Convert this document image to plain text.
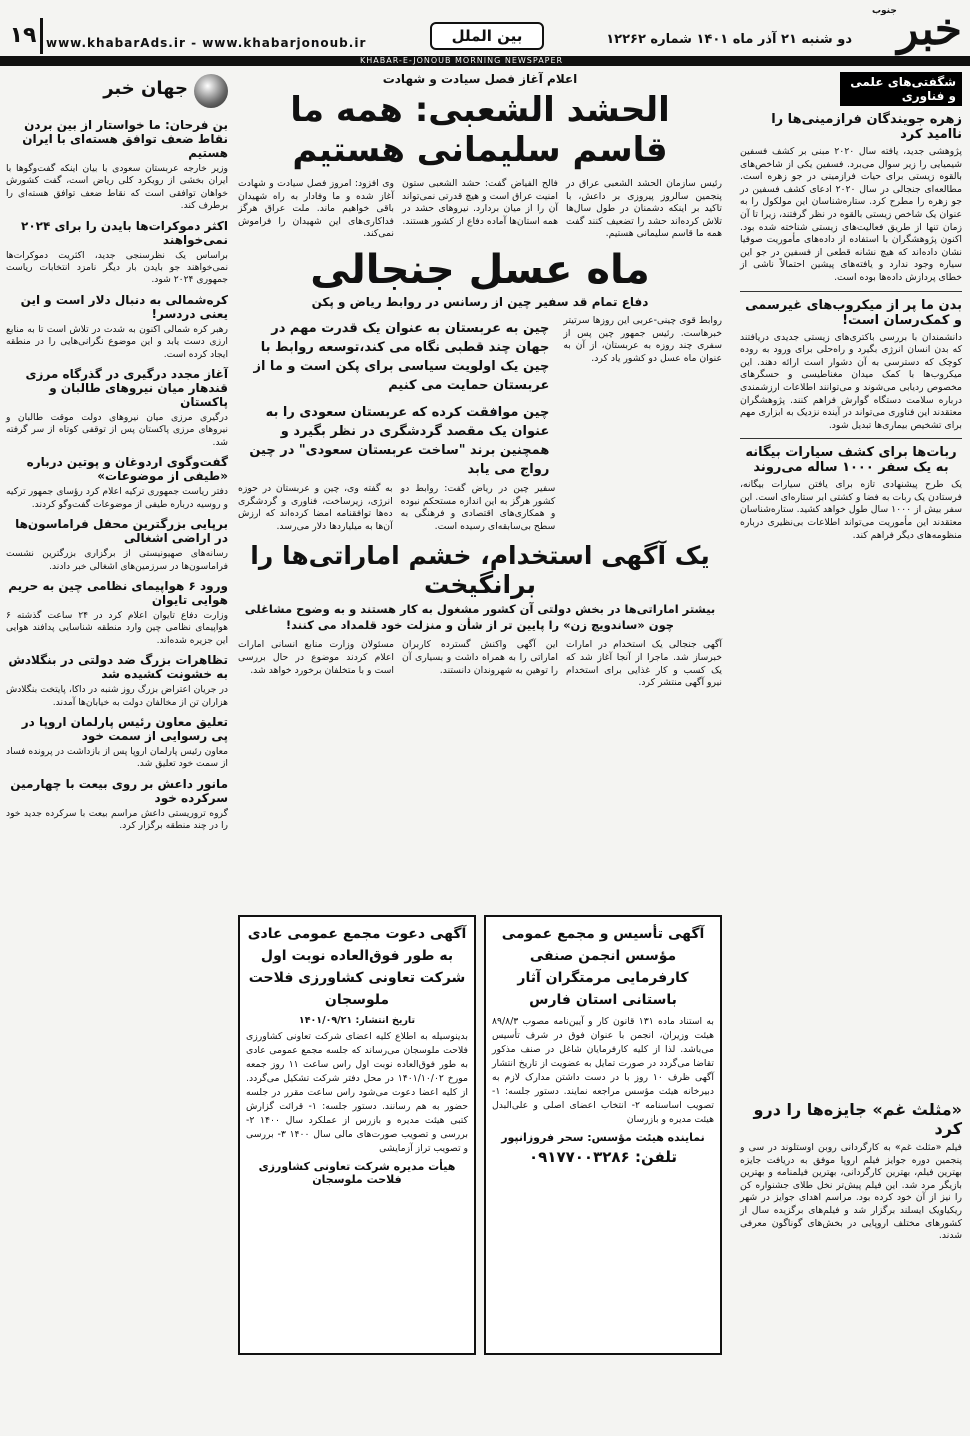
خبر
جنوب
دو شنبه ۲۱ آذر ماه ۱۴۰۱ شماره ۱۲۲۶۲
بین الملل
www.khabarAds.ir - www.khabarjonoub.ir
۱۹
KHABAR-E-JONOUB MORNING NEWSPAPER
شگفتی‌های علمی و فناوری
زهره جویندگان فرازمینی‌ها را ناامید کرد
پژوهشی جدید، یافته سال ۲۰۲۰ مبنی بر کشف فسفین شیمیایی را زیر سوال می‌برد. فسفین یکی از شاخص‌های بالقوه زیستی برای حیات فرازمینی در جو زهره است. مطالعه‌ای جنجالی در سال ۲۰۲۰ ادعای کشف فسفین در جو زهره را مطرح کرد. ستاره‌شناسان این مولکول را به عنوان یک شاخص زیستی بالقوه در نظر گرفتند، زیرا تا آن زمان تنها از طریق فعالیت‌های زیستی شناخته شده بود. اکنون پژوهشگران با استفاده از داده‌های مأموریت صوفیا نشان داده‌اند که هیچ نشانه قطعی از فسفین در جو این سیاره وجود ندارد و یافته‌های پیشین احتمالاً ناشی از خطای پردازش داده‌ها بوده است.
بدن ما پر از میکروب‌های غیرسمی و کمک‌رسان است!
دانشمندان با بررسی باکتری‌های زیستی جدیدی دریافتند که بدن انسان انرژی بگیرد و راه‌حلی برای ورود به روده کوچک که دسترسی به آن دشوار است ارائه دهند. این میکروب‌ها با کمک میدان مغناطیسی و حسگرهای مخصوص ردیابی می‌شوند و می‌توانند اطلاعات ارزشمندی درباره سلامت دستگاه گوارش فراهم کنند. پژوهشگران معتقدند این فناوری می‌تواند در آینده نزدیک به ابزاری مهم برای تشخیص بیماری‌ها تبدیل شود.
ربات‌ها برای کشف سیارات بیگانه به یک سفر ۱۰۰۰ ساله می‌روند
یک طرح پیشنهادی تازه برای یافتن سیارات بیگانه، فرستادن یک ربات به فضا و کشتی ابر ستاره‌ای است. این سفر بیش از ۱۰۰۰ سال طول خواهد کشید. ستاره‌شناسان معتقدند این مأموریت می‌تواند اطلاعات بی‌نظیری درباره منظومه‌های دیگر فراهم کند.
جهان خبر
بن فرحان: ما خواستار از بین بردن نقاط ضعف توافق هسته‌ای با ایران هستیم
وزیر خارجه عربستان سعودی با بیان اینکه گفت‌وگوها با ایران بخشی از رویکرد کلی ریاض است، گفت کشورش خواهان توافقی است که نقاط ضعف توافق هسته‌ای را برطرف کند.
اکثر دموکرات‌ها بایدن را برای ۲۰۲۴ نمی‌خواهند
براساس یک نظرسنجی جدید، اکثریت دموکرات‌ها نمی‌خواهند جو بایدن بار دیگر نامزد انتخابات ریاست جمهوری ۲۰۲۴ شود.
کره‌شمالی به دنبال دلار است و این یعنی دردسر!
رهبر کره شمالی اکنون به شدت در تلاش است تا به منابع ارزی دست یابد و این موضوع نگرانی‌هایی را در منطقه ایجاد کرده است.
آغاز مجدد درگیری در گذرگاه مرزی قندهار میان نیروهای طالبان و پاکستان
درگیری مرزی میان نیروهای دولت موقت طالبان و نیروهای مرزی پاکستان پس از توقفی کوتاه از سر گرفته شد.
گفت‌وگوی اردوغان و پوتین درباره «طیفی از موضوعات»
دفتر ریاست جمهوری ترکیه اعلام کرد رؤسای جمهور ترکیه و روسیه درباره طیفی از موضوعات گفت‌وگو کردند.
برپایی بزرگترین محفل فراماسون‌ها در اراضی اشغالی
رسانه‌های صهیونیستی از برگزاری بزرگترین نشست فراماسون‌ها در سرزمین‌های اشغالی خبر دادند.
ورود ۶ هواپیمای نظامی چین به حریم هوایی تایوان
وزارت دفاع تایوان اعلام کرد در ۲۴ ساعت گذشته ۶ هواپیمای نظامی چین وارد منطقه شناسایی پدافند هوایی این جزیره شده‌اند.
تظاهرات بزرگ ضد دولتی در بنگلادش به خشونت کشیده شد
در جریان اعتراض بزرگ روز شنبه در داکا، پایتخت بنگلادش هزاران تن از مخالفان دولت به خیابان‌ها آمدند.
تعلیق معاون رئیس پارلمان اروپا در پی رسوایی از سمت خود
معاون رئیس پارلمان اروپا پس از بازداشت در پرونده فساد از سمت خود تعلیق شد.
مانور داعش بر روی بیعت با چهارمین سرکرده خود
گروه تروریستی داعش مراسم بیعت با سرکرده جدید خود را در چند منطقه برگزار کرد.
اعلام آغاز فصل سیادت و شهادت
الحشد الشعبی: همه ما قاسم سلیمانی هستیم
رئیس سازمان الحشد الشعبی عراق در پنجمین سالروز پیروزی بر داعش، با تاکید بر اینکه دشمنان در طول سال‌ها تلاش کرده‌اند حشد را تضعیف کنند گفت همه ما قاسم سلیمانی هستیم.
فالح الفیاض گفت: حشد الشعبی ستون امنیت عراق است و هیچ قدرتی نمی‌تواند آن را از میان بردارد. نیروهای حشد در همه استان‌ها آماده دفاع از کشور هستند.
وی افزود: امروز فصل سیادت و شهادت آغاز شده و ما وفادار به راه شهیدان باقی خواهیم ماند. ملت عراق هرگز فداکاری‌های این شهیدان را فراموش نمی‌کند.
ماه عسل جنجالی
دفاع تمام قد سفیر چین از رسانس در روابط ریاض و پکن
روابط قوی چینی-عربی این روزها سرتیتر خبرهاست. رئیس جمهور چین پس از سفری چند روزه به عربستان، از آن به عنوان ماه عسل دو کشور یاد کرد.
چین به عربستان به عنوان یک قدرت مهم در جهان چند قطبی نگاه می کند،توسعه روابط با چین یک اولویت سیاسی برای پکن است و ما از عربستان حمایت می کنیم
چین موافقت کرده که عربستان سعودی را به عنوان یک مقصد گردشگری در نظر بگیرد و همچنین برند "ساخت عربستان سعودی" در چین رواج می یابد
سفیر چین در ریاض گفت: روابط دو کشور هرگز به این اندازه مستحکم نبوده و همکاری‌های اقتصادی و فرهنگی به سطح بی‌سابقه‌ای رسیده است.
به گفته وی، چین و عربستان در حوزه انرژی، زیرساخت، فناوری و گردشگری ده‌ها توافقنامه امضا کرده‌اند که ارزش آن‌ها به میلیاردها دلار می‌رسد.
یک آگهی استخدام، خشم اماراتی‌ها را برانگیخت
بیشتر اماراتی‌ها در بخش دولتی آن کشور مشغول به کار هستند و به وضوح مشاغلی چون «ساندویچ زن» را پایین تر از شأن و منزلت خود قلمداد می کنند!
آگهی جنجالی یک استخدام در امارات خبرساز شد. ماجرا از آنجا آغاز شد که یک کسب و کار غذایی برای استخدام نیرو آگهی منتشر کرد.
این آگهی واکنش گسترده کاربران اماراتی را به همراه داشت و بسیاری آن را توهین به شهروندان دانستند.
مسئولان وزارت منابع انسانی امارات اعلام کردند موضوع در حال بررسی است و با متخلفان برخورد خواهد شد.
آگهی تأسیس و مجمع عمومی مؤسس انجمن صنفی کارفرمایی مرمتگران آثار باستانی استان فارس
به استناد ماده ۱۳۱ قانون کار و آیین‌نامه مصوب ۸۹/۸/۳ هیئت وزیران، انجمن با عنوان فوق در شرف تأسیس می‌باشد. لذا از کلیه کارفرمایان شاغل در صنف مذکور تقاضا می‌گردد در صورت تمایل به عضویت از تاریخ انتشار آگهی ظرف ۱۰ روز با در دست داشتن مدارک لازم به دبیرخانه هیئت مؤسس مراجعه نمایند. دستور جلسه: ۱- تصویب اساسنامه ۲- انتخاب اعضای اصلی و علی‌البدل هیئت مدیره و بازرسان
نماینده هیئت مؤسس: سحر فروزانپور
تلفن: ۰۹۱۷۷۰۰۳۲۸۶
آگهی دعوت مجمع عمومی عادی به طور فوق‌العاده نوبت اول شرکت تعاونی کشاورزی فلاحت ملوسجان
تاریخ انتشار: ۱۴۰۱/۰۹/۲۱
بدینوسیله به اطلاع کلیه اعضای شرکت تعاونی کشاورزی فلاحت ملوسجان می‌رساند که جلسه مجمع عمومی عادی به طور فوق‌العاده نوبت اول راس ساعت ۱۱ روز جمعه مورخ ۱۴۰۱/۱۰/۰۲ در محل دفتر شرکت تشکیل می‌گردد. از کلیه اعضا دعوت می‌شود راس ساعت مقرر در جلسه حضور به هم رسانند. دستور جلسه: ۱- قرائت گزارش کتبی هیئت مدیره و بازرس از عملکرد سال ۱۴۰۰ ۲- بررسی و تصویب صورت‌های مالی سال ۱۴۰۰ ۳- بررسی و تصویب تراز آزمایشی
هیأت مدیره شرکت تعاونی کشاورزی فلاحت ملوسجان
«مثلث غم» جایزه‌ها را درو کرد
فیلم «مثلث غم» به کارگردانی روبن اوستلوند در سی و پنجمین دوره جوایز فیلم اروپا موفق به دریافت جایزه بهترین فیلم، بهترین کارگردانی، بهترین فیلمنامه و بهترین بازیگر مرد شد. این فیلم پیش‌تر نخل طلای جشنواره کن را نیز از آن خود کرده بود. مراسم اهدای جوایز در شهر ریکیاویک ایسلند برگزار شد و فیلم‌های برگزیده سال از کشورهای مختلف اروپایی در بخش‌های گوناگون معرفی شدند.
